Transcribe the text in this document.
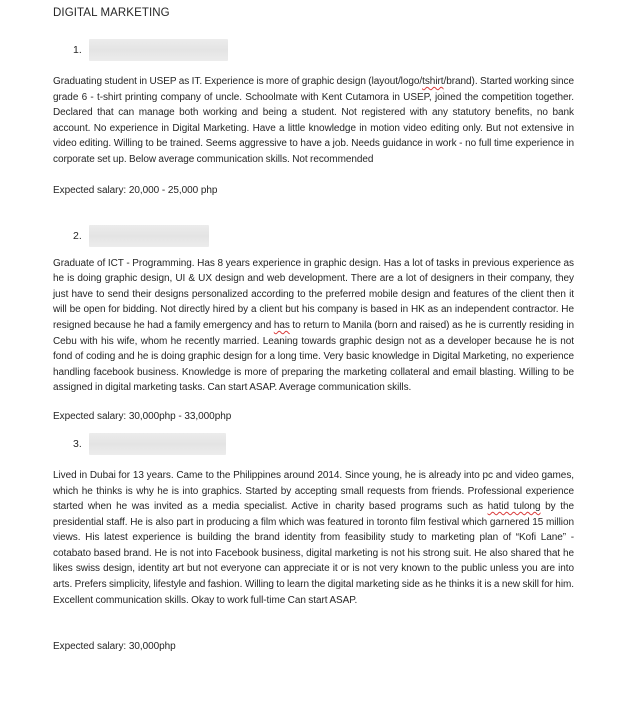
DIGITAL MARKETING

1.

Graduating student in USEP as IT. Experience is more of graphic design (layout/logo/tshirt/brand). Started working since grade 6 - t-shirt printing company of uncle. Schoolmate with Kent Cutamora in USEP, joined the competition together. Declared that can manage both working and being a student. Not registered with any statutory benefits, no bank account. No experience in Digital Marketing. Have a little knowledge in motion video editing only. But not extensive in video editing. Willing to be trained. Seems aggressive to have a job. Needs guidance in work - no full time experience in corporate set up. Below average communication skills. Not recommended

Expected salary: 20,000 - 25,000 php

2.

Graduate of ICT - Programming. Has 8 years experience in graphic design. Has a lot of tasks in previous experience as he is doing graphic design, UI & UX design and web development. There are a lot of designers in their company, they just have to send their designs personalized according to the preferred mobile design and features of the client then it will be open for bidding. Not directly hired by a client but his company is based in HK as an independent contractor. He resigned because he had a family emergency and has to return to Manila (born and raised) as he is currently residing in Cebu with his wife, whom he recently married. Leaning towards graphic design not as a developer because he is not fond of coding and he is doing graphic design for a long time. Very basic knowledge in Digital Marketing, no experience handling facebook business. Knowledge is more of preparing the marketing collateral and email blasting. Willing to be assigned in digital marketing tasks. Can start ASAP. Average communication skills.

Expected salary: 30,000php - 33,000php

3.

Lived in Dubai for 13 years. Came to the Philippines around 2014. Since young, he is already into pc and video games, which he thinks is why he is into graphics. Started by accepting small requests from friends. Professional experience started when he was invited as a media specialist. Active in charity based programs such as hatid tulong by the presidential staff. He is also part in producing a film which was featured in toronto film festival which garnered 15 million views. His latest experience is building the brand identity from feasibility study to marketing plan of “Kofi Lane” - cotabato based brand. He is not into Facebook business, digital marketing is not his strong suit. He also shared that he likes swiss design, identity art but not everyone can appreciate it or is not very known to the public unless you are into arts. Prefers simplicity, lifestyle and fashion. Willing to learn the digital marketing side as he thinks it is a new skill for him. Excellent communication skills. Okay to work full-time Can start ASAP.

Expected salary: 30,000php
